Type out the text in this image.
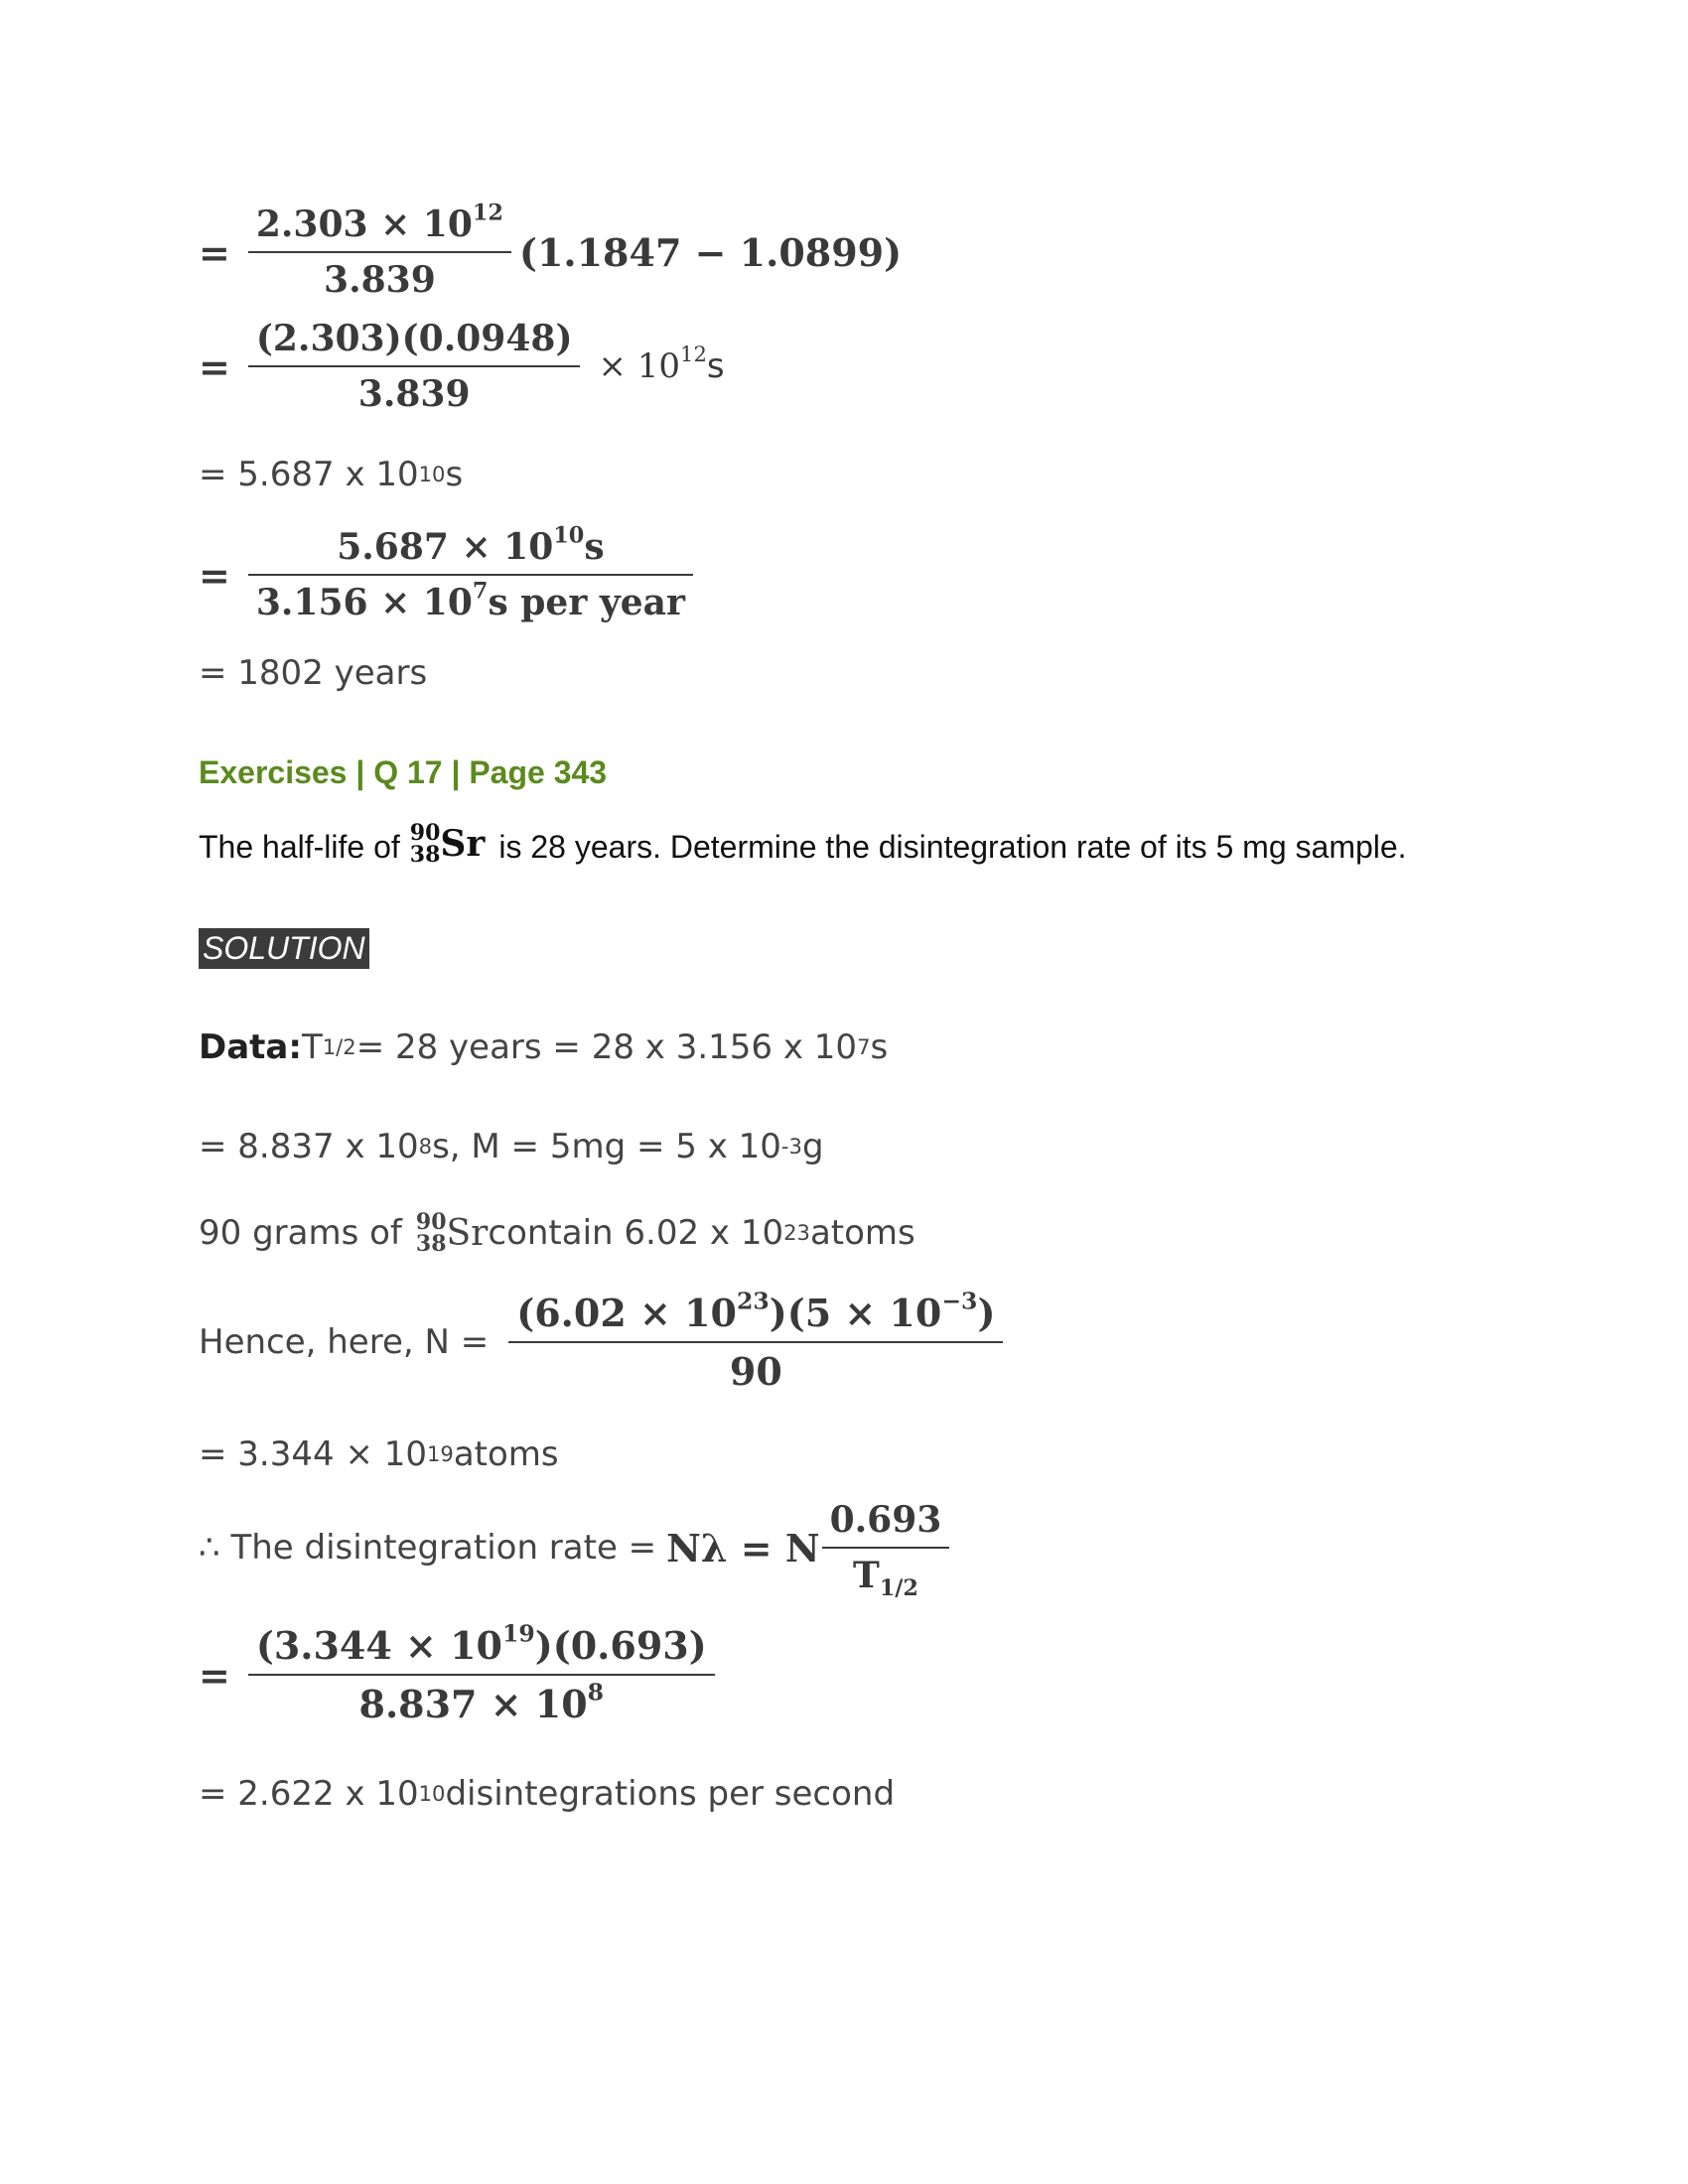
= $\frac{2.303 \times 10^{12}}{3.839} (1.1847 - 1.0899)$
= $\frac{(2.303)(0.0948)}{3.839} \times 10^{12}s$
= 5.687 x 10 10 s
= $\frac{5.687 \times 10^{10}s}{3.156 \times 10^7s per year}$
= 1802 years
Exercises | Q 17 | Page 343
The half-life of 90
38 Sr is 28 years. Determine the disintegration rate of its 5 mg sample.
SOLUTION
Data: T 1/2 = 28 years = 28 x 3.156 x 10 7 s
= 8.837 x 10 8 s, M = 5mg = 5 x 10 -3 g
90 grams of 90
38 Sr contain 6.02 x 10 23 atoms
Hence, here, $N = \frac{(6.02 \times 10^{23})(5 \times 10^{-3})}{90}$
= 3.344 × 10 19 atoms
∴ The disintegration rate = Nλ = N $\frac{0.693}{T_{1/2}}$
= $\frac{(3.344 \times 10^{19})(0.693)}{8.837 \times 10^8}$
= 2.622 x 10 10 disintegrations per second
